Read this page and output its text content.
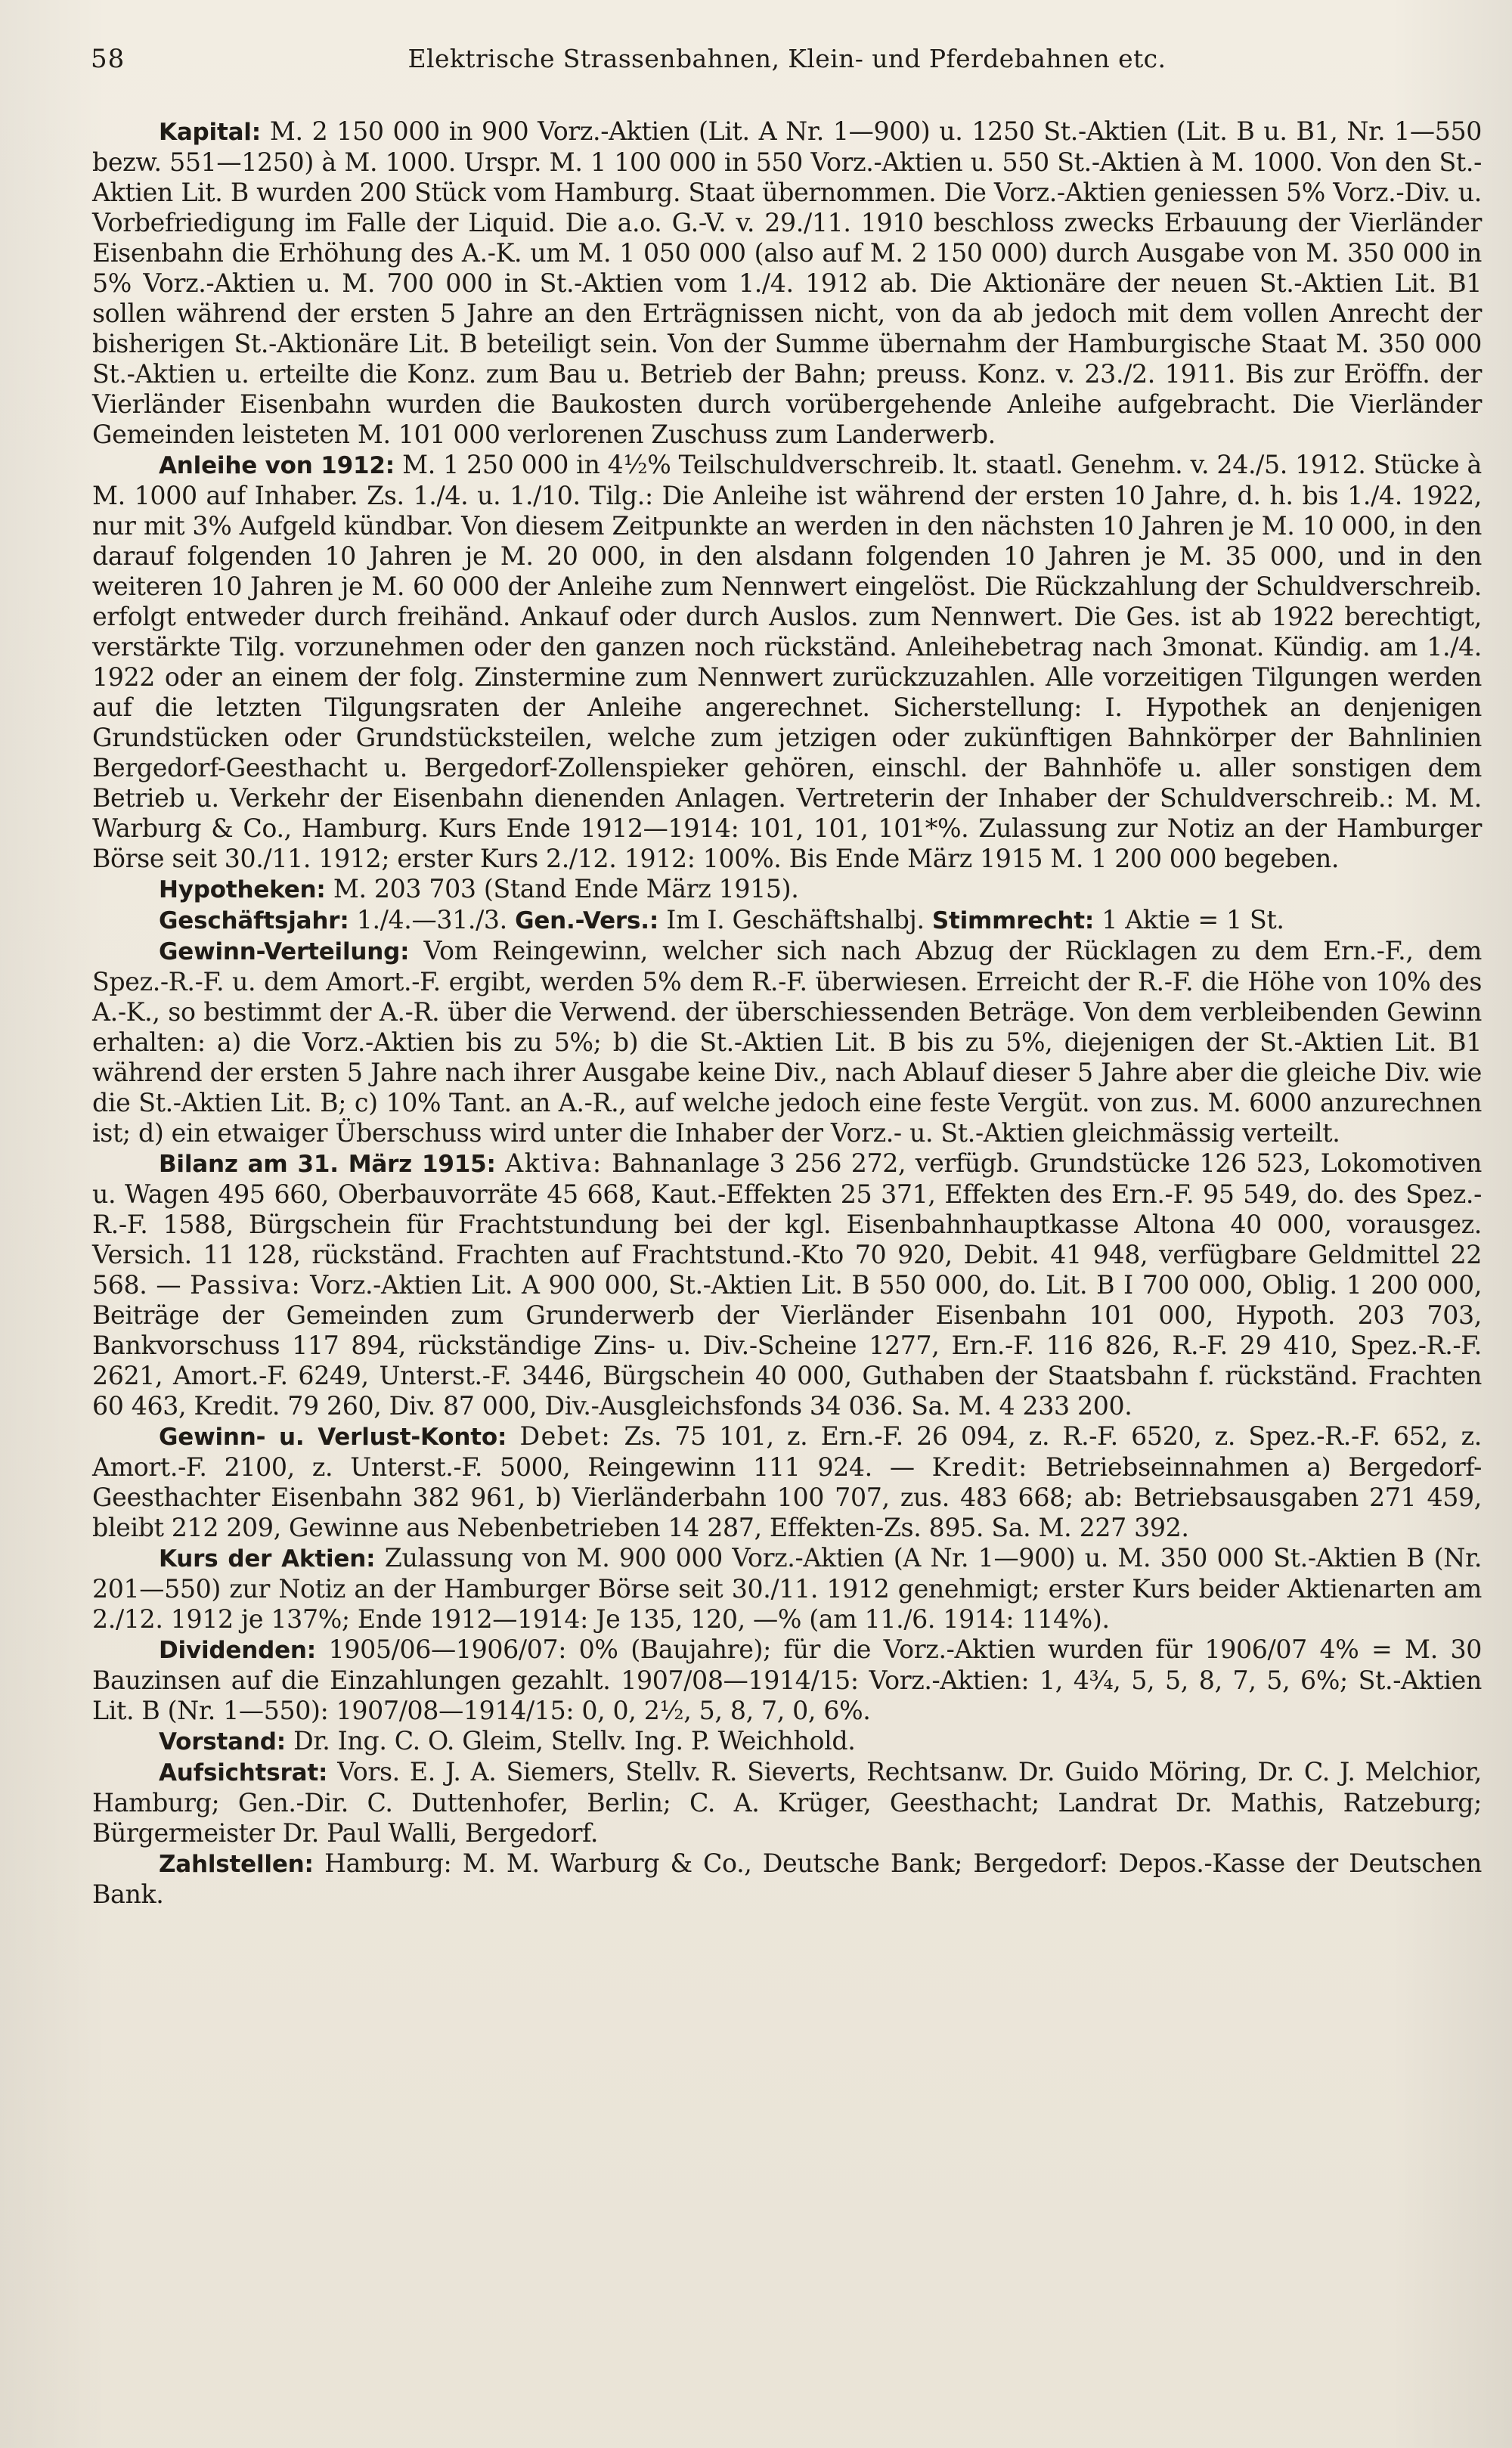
58	Elektrische Strassenbahnen, Klein- und Pferdebahnen etc.

Kapital: M. 2 150 000 in 900 Vorz.-Aktien (Lit. A Nr. 1—900) u. 1250 St.-Aktien (Lit. B u. B1, Nr. 1—550 bezw. 551—1250) à M. 1000. Urspr. M. 1 100 000 in 550 Vorz.-Aktien u. 550 St.-Aktien à M. 1000. Von den St.-Aktien Lit. B wurden 200 Stück vom Hamburg. Staat übernommen. Die Vorz.-Aktien geniessen 5% Vorz.-Div. u. Vorbefriedigung im Falle der Liquid. Die a.o. G.-V. v. 29./11. 1910 beschloss zwecks Erbauung der Vierländer Eisenbahn die Erhöhung des A.-K. um M. 1 050 000 (also auf M. 2 150 000) durch Ausgabe von M. 350 000 in 5% Vorz.-Aktien u. M. 700 000 in St.-Aktien vom 1./4. 1912 ab. Die Aktionäre der neuen St.-Aktien Lit. B1 sollen während der ersten 5 Jahre an den Erträgnissen nicht, von da ab jedoch mit dem vollen Anrecht der bisherigen St.-Aktionäre Lit. B beteiligt sein. Von der Summe übernahm der Hamburgische Staat M. 350 000 St.-Aktien u. erteilte die Konz. zum Bau u. Betrieb der Bahn; preuss. Konz. v. 23./2. 1911. Bis zur Eröffn. der Vierländer Eisenbahn wurden die Baukosten durch vorübergehende Anleihe aufgebracht. Die Vierländer Gemeinden leisteten M. 101 000 verlorenen Zuschuss zum Landerwerb.

Anleihe von 1912: M. 1 250 000 in 4½% Teilschuldverschreib. lt. staatl. Genehm. v. 24./5. 1912. Stücke à M. 1000 auf Inhaber. Zs. 1./4. u. 1./10. Tilg.: Die Anleihe ist während der ersten 10 Jahre, d. h. bis 1./4. 1922, nur mit 3% Aufgeld kündbar. Von diesem Zeitpunkte an werden in den nächsten 10 Jahren je M. 10 000, in den darauf folgenden 10 Jahren je M. 20 000, in den alsdann folgenden 10 Jahren je M. 35 000, und in den weiteren 10 Jahren je M. 60 000 der Anleihe zum Nennwert eingelöst. Die Rückzahlung der Schuldverschreib. erfolgt entweder durch freihänd. Ankauf oder durch Auslos. zum Nennwert. Die Ges. ist ab 1922 berechtigt, verstärkte Tilg. vorzunehmen oder den ganzen noch rückständ. Anleihebetrag nach 3monat. Kündig. am 1./4. 1922 oder an einem der folg. Zinstermine zum Nennwert zurückzuzahlen. Alle vorzeitigen Tilgungen werden auf die letzten Tilgungsraten der Anleihe angerechnet. Sicherstellung: I. Hypothek an denjenigen Grundstücken oder Grundstücksteilen, welche zum jetzigen oder zukünftigen Bahnkörper der Bahnlinien Bergedorf-Geesthacht u. Bergedorf-Zollenspieker gehören, einschl. der Bahnhöfe u. aller sonstigen dem Betrieb u. Verkehr der Eisenbahn dienenden Anlagen. Vertreterin der Inhaber der Schuldverschreib.: M. M. Warburg & Co., Hamburg. Kurs Ende 1912—1914: 101, 101, 101*%. Zulassung zur Notiz an der Hamburger Börse seit 30./11. 1912; erster Kurs 2./12. 1912: 100%. Bis Ende März 1915 M. 1 200 000 begeben.

Hypotheken: M. 203 703 (Stand Ende März 1915).

Geschäftsjahr: 1./4.—31./3. Gen.-Vers.: Im I. Geschäftshalbj. Stimmrecht: 1 Aktie = 1 St.

Gewinn-Verteilung: Vom Reingewinn, welcher sich nach Abzug der Rücklagen zu dem Ern.-F., dem Spez.-R.-F. u. dem Amort.-F. ergibt, werden 5% dem R.-F. überwiesen. Erreicht der R.-F. die Höhe von 10% des A.-K., so bestimmt der A.-R. über die Verwend. der überschiessenden Beträge. Von dem verbleibenden Gewinn erhalten: a) die Vorz.-Aktien bis zu 5%; b) die St.-Aktien Lit. B bis zu 5%, diejenigen der St.-Aktien Lit. B1 während der ersten 5 Jahre nach ihrer Ausgabe keine Div., nach Ablauf dieser 5 Jahre aber die gleiche Div. wie die St.-Aktien Lit. B; c) 10% Tant. an A.-R., auf welche jedoch eine feste Vergüt. von zus. M. 6000 anzurechnen ist; d) ein etwaiger Überschuss wird unter die Inhaber der Vorz.- u. St.-Aktien gleichmässig verteilt.

Bilanz am 31. März 1915: Aktiva: Bahnanlage 3 256 272, verfügb. Grundstücke 126 523, Lokomotiven u. Wagen 495 660, Oberbauvorräte 45 668, Kaut.-Effekten 25 371, Effekten des Ern.-F. 95 549, do. des Spez.-R.-F. 1588, Bürgschein für Frachtstundung bei der kgl. Eisenbahnhauptkasse Altona 40 000, vorausgez. Versich. 11 128, rückständ. Frachten auf Frachtstund.-Kto 70 920, Debit. 41 948, verfügbare Geldmittel 22 568. — Passiva: Vorz.-Aktien Lit. A 900 000, St.-Aktien Lit. B 550 000, do. Lit. B I 700 000, Oblig. 1 200 000, Beiträge der Gemeinden zum Grunderwerb der Vierländer Eisenbahn 101 000, Hypoth. 203 703, Bankvorschuss 117 894, rückständige Zins- u. Div.-Scheine 1277, Ern.-F. 116 826, R.-F. 29 410, Spez.-R.-F. 2621, Amort.-F. 6249, Unterst.-F. 3446, Bürgschein 40 000, Guthaben der Staatsbahn f. rückständ. Frachten 60 463, Kredit. 79 260, Div. 87 000, Div.-Ausgleichsfonds 34 036. Sa. M. 4 233 200.

Gewinn- u. Verlust-Konto: Debet: Zs. 75 101, z. Ern.-F. 26 094, z. R.-F. 6520, z. Spez.-R.-F. 652, z. Amort.-F. 2100, z. Unterst.-F. 5000, Reingewinn 111 924. — Kredit: Betriebseinnahmen a) Bergedorf-Geesthachter Eisenbahn 382 961, b) Vierländerbahn 100 707, zus. 483 668; ab: Betriebsausgaben 271 459, bleibt 212 209, Gewinne aus Nebenbetrieben 14 287, Effekten-Zs. 895. Sa. M. 227 392.

Kurs der Aktien: Zulassung von M. 900 000 Vorz.-Aktien (A Nr. 1—900) u. M. 350 000 St.-Aktien B (Nr. 201—550) zur Notiz an der Hamburger Börse seit 30./11. 1912 genehmigt; erster Kurs beider Aktienarten am 2./12. 1912 je 137%; Ende 1912—1914: Je 135, 120, —% (am 11./6. 1914: 114%).

Dividenden: 1905/06—1906/07: 0% (Baujahre); für die Vorz.-Aktien wurden für 1906/07 4% = M. 30 Bauzinsen auf die Einzahlungen gezahlt. 1907/08—1914/15: Vorz.-Aktien: 1, 4¾, 5, 5, 8, 7, 5, 6%; St.-Aktien Lit. B (Nr. 1—550): 1907/08—1914/15: 0, 0, 2½, 5, 8, 7, 0, 6%.

Vorstand: Dr. Ing. C. O. Gleim, Stellv. Ing. P. Weichhold.

Aufsichtsrat: Vors. E. J. A. Siemers, Stellv. R. Sieverts, Rechtsanw. Dr. Guido Möring, Dr. C. J. Melchior, Hamburg; Gen.-Dir. C. Duttenhofer, Berlin; C. A. Krüger, Geesthacht; Landrat Dr. Mathis, Ratzeburg; Bürgermeister Dr. Paul Walli, Bergedorf.

Zahlstellen: Hamburg: M. M. Warburg & Co., Deutsche Bank; Bergedorf: Depos.-Kasse der Deutschen Bank.
